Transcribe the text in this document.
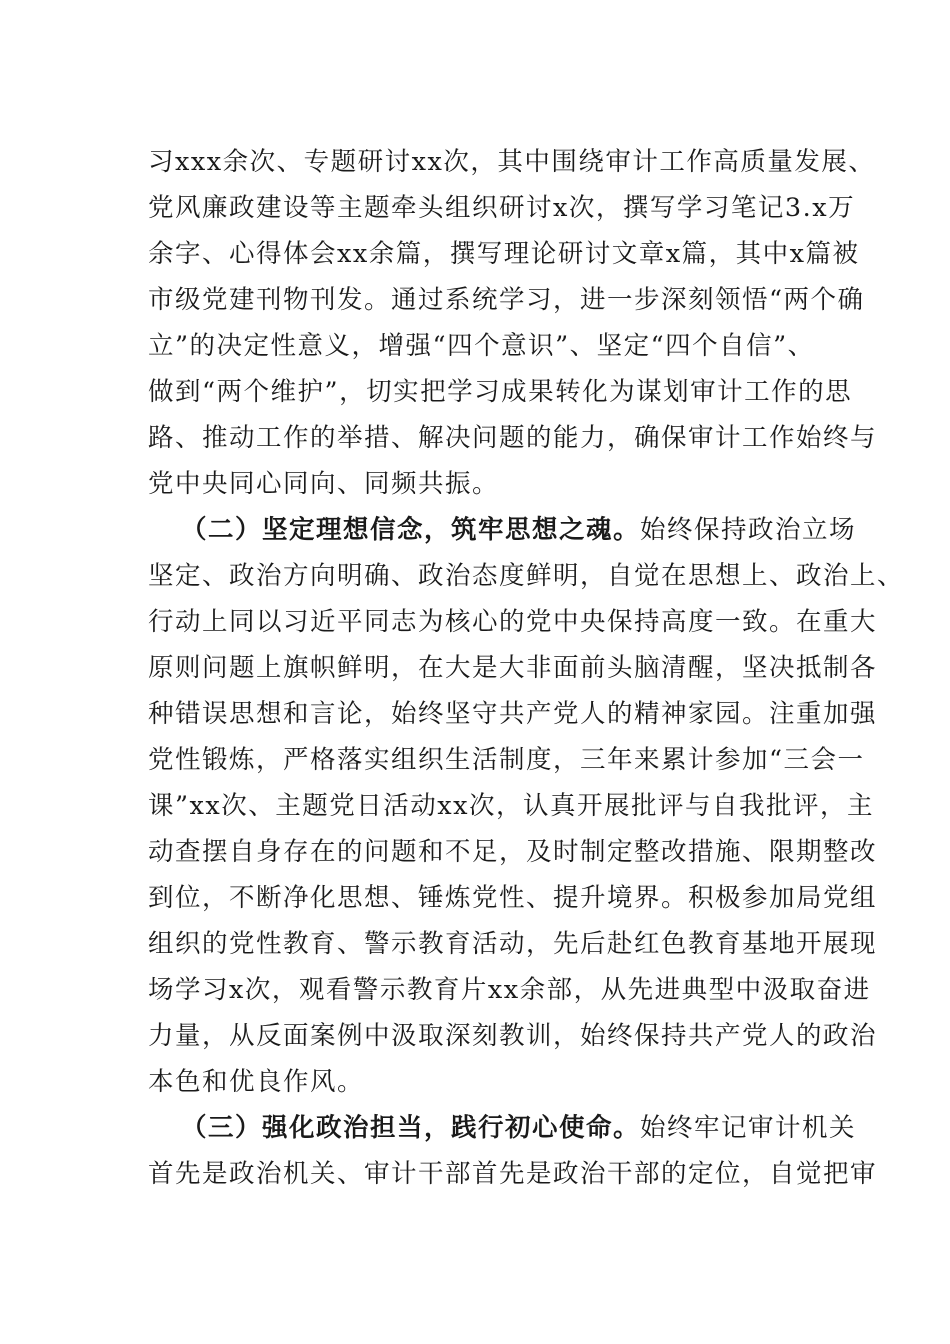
习xxx余次、专题研讨xx次，其中围绕审计工作高质量发展、
党风廉政建设等主题牵头组织研讨x次，撰写学习笔记3.x万
余字、心得体会xx余篇，撰写理论研讨文章x篇，其中x篇被
市级党建刊物刊发。通过系统学习，进一步深刻领悟“两个确
立”的决定性意义，增强“四个意识”、坚定“四个自信”、
做到“两个维护”，切实把学习成果转化为谋划审计工作的思
路、推动工作的举措、解决问题的能力，确保审计工作始终与
党中央同心同向、同频共振。
（二）坚定理想信念，筑牢思想之魂。始终保持政治立场
坚定、政治方向明确、政治态度鲜明，自觉在思想上、政治上、
行动上同以习近平同志为核心的党中央保持高度一致。在重大
原则问题上旗帜鲜明，在大是大非面前头脑清醒，坚决抵制各
种错误思想和言论，始终坚守共产党人的精神家园。注重加强
党性锻炼，严格落实组织生活制度，三年来累计参加“三会一
课”xx次、主题党日活动xx次，认真开展批评与自我批评，主
动查摆自身存在的问题和不足，及时制定整改措施、限期整改
到位，不断净化思想、锤炼党性、提升境界。积极参加局党组
组织的党性教育、警示教育活动，先后赴红色教育基地开展现
场学习x次，观看警示教育片xx余部，从先进典型中汲取奋进
力量，从反面案例中汲取深刻教训，始终保持共产党人的政治
本色和优良作风。
（三）强化政治担当，践行初心使命。始终牢记审计机关
首先是政治机关、审计干部首先是政治干部的定位，自觉把审
